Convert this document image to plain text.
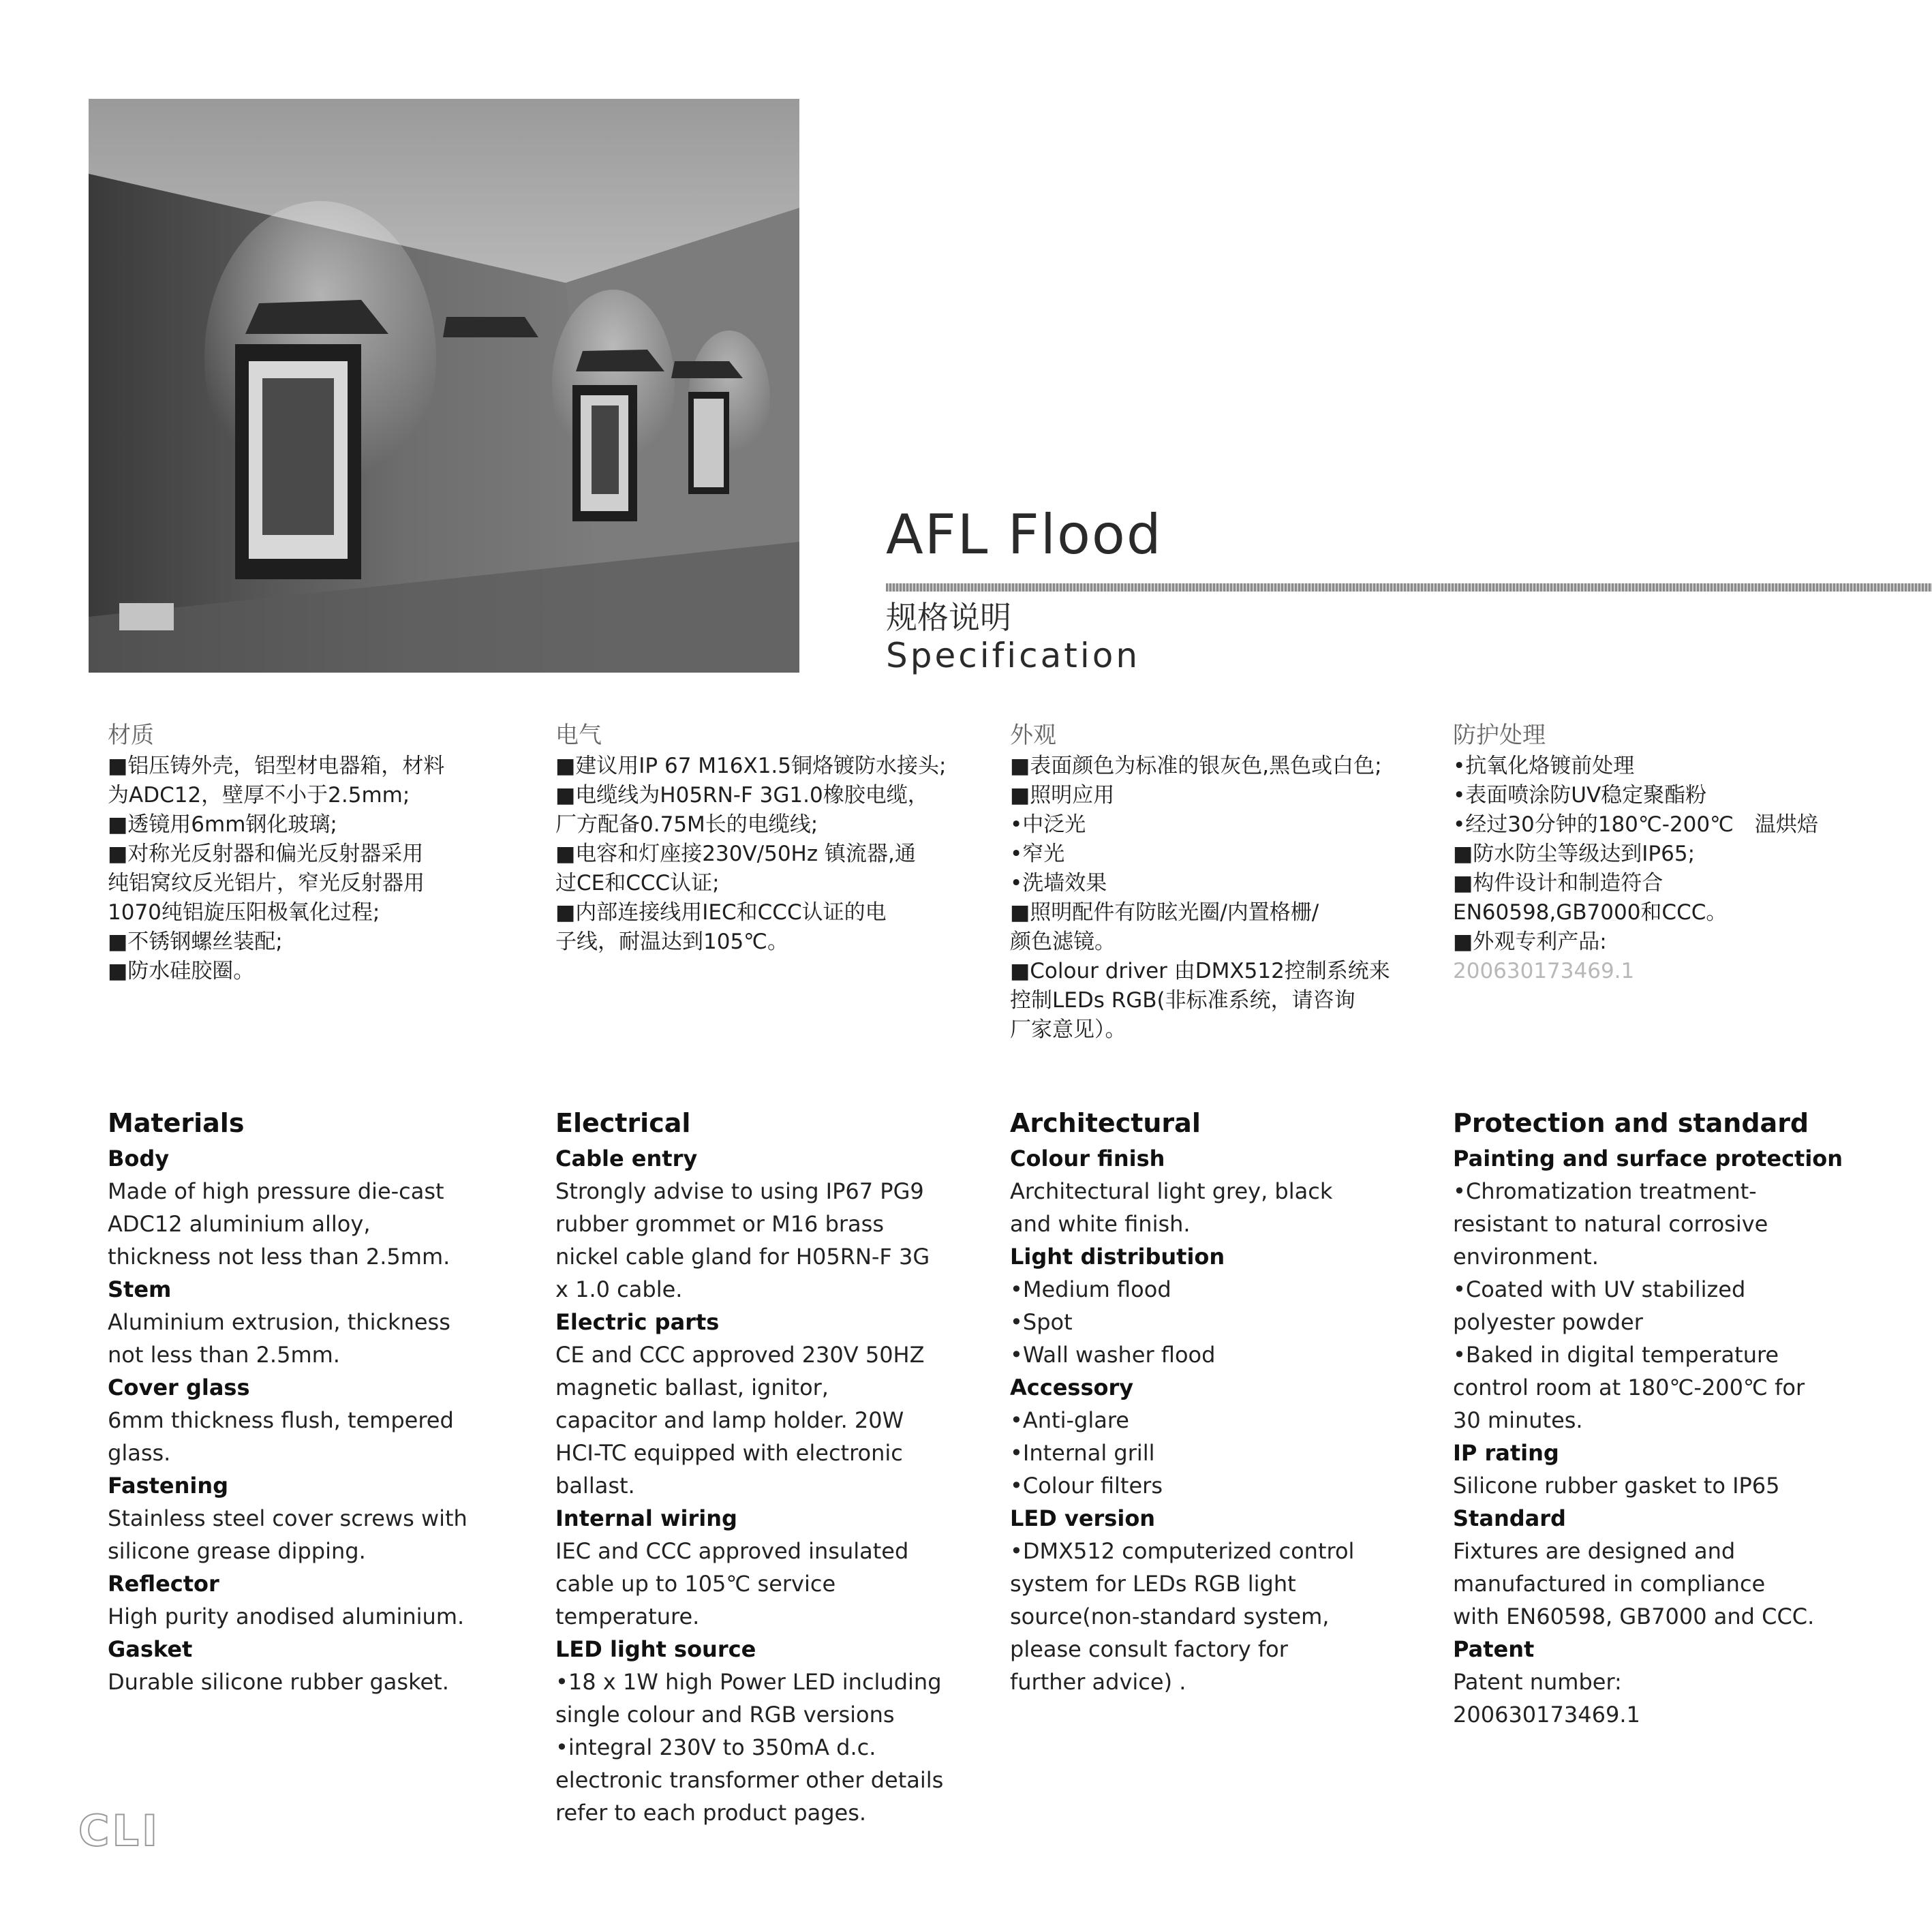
AFL Flood
规格说明
Specification
材质
■铝压铸外壳，铝型材电器箱，材料
为ADC12，壁厚不小于2.5mm;
■透镜用6mm钢化玻璃;
■对称光反射器和偏光反射器采用
纯铝窝纹反光铝片，窄光反射器用
1070纯铝旋压阳极氧化过程;
■不锈钢螺丝装配;
■防水硅胶圈。
电气
■建议用IP 67 M16X1.5铜烙镀防水接头;
■电缆线为H05RN-F 3G1.0橡胶电缆，
厂方配备0.75M长的电缆线;
■电容和灯座接230V/50Hz 镇流器,通
过CE和CCC认证;
■内部连接线用IEC和CCC认证的电
子线，耐温达到105℃。
外观
■表面颜色为标准的银灰色,黑色或白色;
■照明应用
•中泛光
•窄光
•洗墙效果
■照明配件有防眩光圈/内置格栅/
颜色滤镜。
■Colour driver 由DMX512控制系统来
控制LEDs RGB(非标准系统，请咨询
厂家意见）。
防护处理
•抗氧化烙镀前处理
•表面喷涂防UV稳定聚酯粉
•经过30分钟的180℃-200℃　温烘焙
■防水防尘等级达到IP65;
■构件设计和制造符合
EN60598,GB7000和CCC。
■外观专利产品:
200630173469.1
Materials
Body
Made of high pressure die-cast
ADC12 aluminium alloy,
thickness not less than 2.5mm.
Stem
Aluminium extrusion, thickness
not less than 2.5mm.
Cover glass
6mm thickness flush, tempered
glass.
Fastening
Stainless steel cover screws with
silicone grease dipping.
Reflector
High purity anodised aluminium.
Gasket
Durable silicone rubber gasket.
Electrical
Cable entry
Strongly advise to using IP67 PG9
rubber grommet or M16 brass
nickel cable gland for H05RN-F 3G
x 1.0 cable.
Electric parts
CE and CCC approved 230V 50HZ
magnetic ballast, ignitor,
capacitor and lamp holder. 20W
HCI-TC equipped with electronic
ballast.
Internal wiring
IEC and CCC approved insulated
cable up to 105℃ service
temperature.
LED light source
•18 x 1W high Power LED including
single colour and RGB versions
•integral 230V to 350mA d.c.
electronic transformer other details
refer to each product pages.
Architectural
Colour finish
Architectural light grey, black
and white finish.
Light distribution
•Medium flood
•Spot
•Wall washer flood
Accessory
•Anti-glare
•Internal grill
•Colour filters
LED version
•DMX512 computerized control
system for LEDs RGB light
source(non-standard system,
please consult factory for
further advice) .
Protection and standard
Painting and surface protection
•Chromatization treatment-
resistant to natural corrosive
environment.
•Coated with UV stabilized
polyester powder
•Baked in digital temperature
control room at 180℃-200℃ for
30 minutes.
IP rating
Silicone rubber gasket to IP65
Standard
Fixtures are designed and
manufactured in compliance
with EN60598, GB7000 and CCC.
Patent
Patent number:
200630173469.1
CLI
